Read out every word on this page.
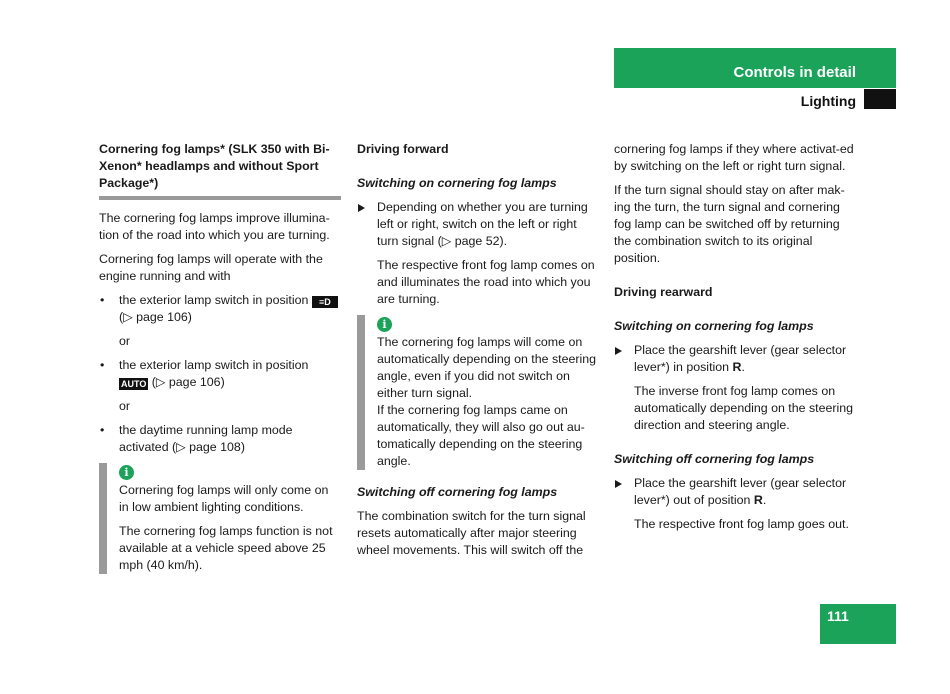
Controls in detail
Lighting

Cornering fog lamps* (SLK 350 with Bi-Xenon* headlamps and without Sport Package*)

The cornering fog lamps improve illumina-tion of the road into which you are turning.

Cornering fog lamps will operate with the engine running and with

• the exterior lamp switch in position ≡D (▷ page 106)

or

• the exterior lamp switch in position AUTO (▷ page 106)

or

• the daytime running lamp mode activated (▷ page 108)
i

Cornering fog lamps will only come on in low ambient lighting conditions.

The cornering fog lamps function is not available at a vehicle speed above 25 mph (40 km/h).

Driving forward

Switching on cornering fog lamps

Depending on whether you are turning left or right, switch on the left or right turn signal (▷ page 52).

The respective front fog lamp comes on and illuminates the road into which you are turning.

i

The cornering fog lamps will come on automatically depending on the steering angle, even if you did not switch on either turn signal.

If the cornering fog lamps came on automatically, they will also go out au-tomatically depending on the steering angle.

Switching off cornering fog lamps

The combination switch for the turn signal resets automatically after major steering wheel movements. This will switch off the

cornering fog lamps if they where activat-ed by switching on the left or right turn signal.

If the turn signal should stay on after mak-ing the turn, the turn signal and cornering fog lamp can be switched off by returning the combination switch to its original position.

Driving rearward

Switching on cornering fog lamps

Place the gearshift lever (gear selector lever*) in position R.

The inverse front fog lamp comes on automatically depending on the steering direction and steering angle.

Switching off cornering fog lamps

Place the gearshift lever (gear selector lever*) out of position R.

The respective front fog lamp goes out.

111
